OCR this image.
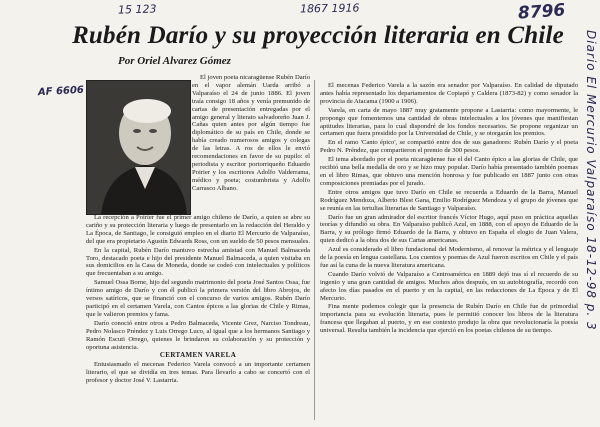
15 123	1867 1916	8796
AF 6606	Diario El Mercurio Valparaíso 18-12-98 p. 3
Rubén Darío y su proyección literaria en Chile
Por Oriel Alvarez Gómez

El joven poeta nicaragüense Rubén Darío en el vapor alemán Uarda arribó a Valparaíso el 24 de junio 1886. El joven traía consigo 18 años y venía premunido de cartas de presentación entregadas por el amigo general y literato salvadoreño Juan J. Cañas quien antes por algún tiempo fue diplomático de su país en Chile, donde se había creado numerosos amigos y colegas de las letras. A ros de ellos le envió recomendaciones en favor de su pupilo: el periodista y escritor portorriqueño Eduardo Poirier y los escritores Adolfo Valderrama, médico y poeta; costumbrista y Adolfo Carrasco Albano.

La recepción a Poirier fue el primer amigo chileno de Darío, a quien se abre su cariño y su protección literaria y luego de presentarlo en la redacción del Heraldo y La Época, de Santiago, le consiguió empleo en el diario El Mercurio de Valparaíso, del que era propietario Agustín Edwards Ross, con un sueldo de 50 pesos mensuales.

En la capital, Rubén Darío mantuvo estrecha amistad con Manuel Balmaceda Toro, destacado poeta e hijo del presidente Manuel Balmaceda, a quien visitaba en sus domicilios en la Casa de Moneda, donde se codeó con intelectuales y políticos que frecuentaban a su amigo.

Samuel Ossa Borne, hijo del segundo matrimonio del poeta José Santos Ossa, fue íntimo amigo de Darío y con él publicó la primera versión del libro Abrojos, de versos satíricos, que se financió con el concurso de varios amigos. Rubén Darío participó en el certamen Varela, con Cantos épicos a las glorias de Chile y Rimas, que le valieron premios y fama.

Darío conoció entre otros a Pedro Balmaceda, Vicente Grez, Narciso Tondreau, Pedro Nolasco Préndez y Luis Orrego Luco, al igual que a los hermanos Santiago y Ramón Escuti Orrego, quienes le brindaron su colaboración y su protección y oportuna asistencia.

CERTAMEN VARELA

Entusiasmado el mecenas Federico Varela convocó a un importante certamen literario, el que se dividía en tres temas. Para llevarlo a cabo se concertó con el profesor y doctor José V. Lastarria.

El mecenas Federico Varela a la sazón era senador por Valparaíso. En calidad de diputado antes había representado los departamentos de Copiapó y Caldera (1873-82) y como senador la provincia de Atacama (1900 a 1906).

Varela, en carta de mayo 1887 muy gratamente propone a Lastarria: como mayormente, le propongo que fomentemos una cantidad de obras intelectuales a los jóvenes que manifiestan aptitudes literarias, para lo cual dispondré de los fondos necesarios. Se propone organizar un certamen que fuera presidido por la Universidad de Chile, y se otorgarán los premios.

En el ramo 'Canto épico', se compartió entre dos de sus ganadores: Rubén Darío y el poeta Pedro N. Préndez, que compartieron el premio de 300 pesos.

El tema abordado por el poeta nicaragüense fue el del Canto épico a las glorias de Chile, que recibió una bella medalla de oro y se hizo muy popular. Darío había presentado también poemas en el libro Rimas, que obtuvo una mención honrosa y fue publicado en 1887 junto con otras composiciones premiadas por el jurado.

Entre otros amigos que tuvo Darío en Chile se recuerda a Eduardo de la Barra, Manuel Rodríguez Mendoza, Alberto Blest Gana, Emilio Rodríguez Mendoza y el grupo de jóvenes que se reunía en las tertulias literarias de Santiago y Valparaíso.

Darío fue un gran admirador del escritor francés Víctor Hugo, aquí puso en práctica aquellas teorías y difundió su obra. En Valparaíso publicó Azul, en 1888, con el apoyo de Eduardo de la Barra, y su prólogo firmó Eduardo de la Barra, y obtuvo en España el elogio de Juan Valera, quien dedicó a la obra dos de sus Cartas americanas.

Azul es considerado el libro fundacional del Modernismo, al renovar la métrica y el lenguaje de la poesía en lengua castellana. Los cuentos y poemas de Azul fueron escritos en Chile y el país fue así la cuna de la nueva literatura americana.

Cuando Darío volvió de Valparaíso a Centroamérica en 1889 dejó tras sí el recuerdo de su ingenio y una gran cantidad de amigos. Muchos años después, en su autobiografía, recordó con afecto los días pasados en el puerto y en la capital, en las redacciones de La Época y de El Mercurio.

Fina mente podemos colegir que la presencia de Rubén Darío en Chile fue de primordial importancia para su evolución literaria, pues le permitió conocer los libros de la literatura francesa que llegaban al puerto, y en ese contexto produjo la obra que revolucionaría la poesía universal. Resulta también la incidencia que ejerció en los poetas chilenos de su tiempo.
